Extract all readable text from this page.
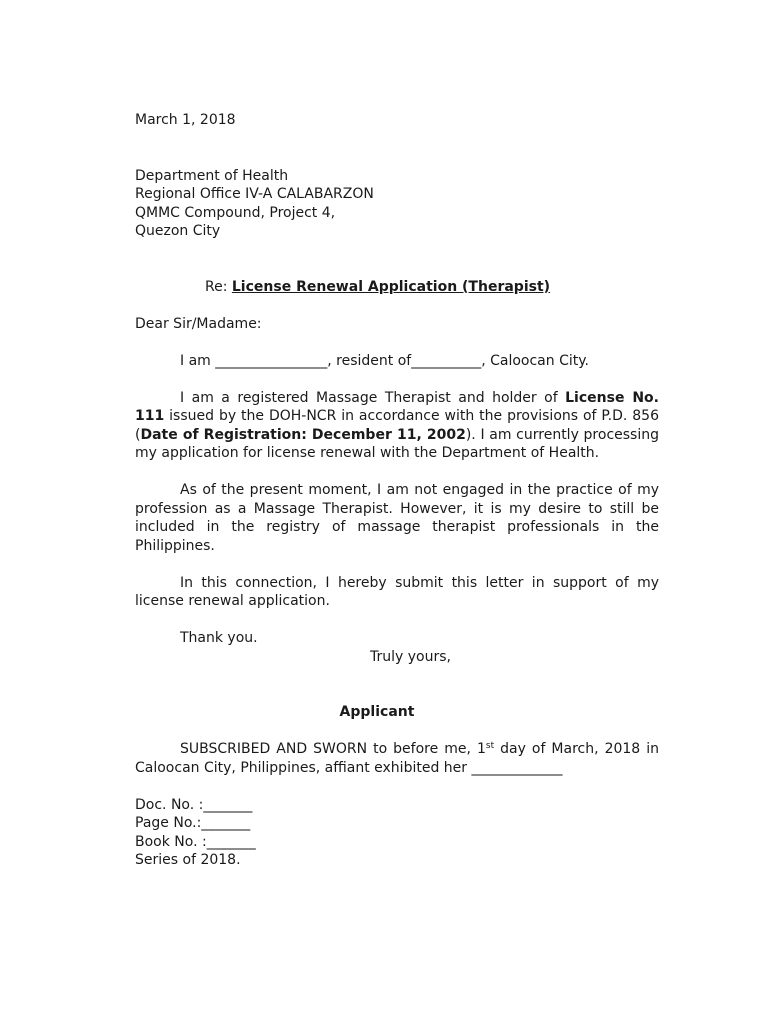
March 1, 2018

Department of Health

Regional Office IV-A CALABARZON

QMMC Compound, Project 4,

Quezon City

Re: License Renewal Application (Therapist)

Dear Sir/Madame:

I am ________________, resident of__________, Caloocan City.

I am a registered Massage Therapist and holder of License No. 111 issued by the DOH-NCR in accordance with the provisions of P.D. 856 (Date of Registration: December 11, 2002). I am currently processing my application for license renewal with the Department of Health.

As of the present moment, I am not engaged in the practice of my profession as a Massage Therapist. However, it is my desire to still be included in the registry of massage therapist professionals in the Philippines.

In this connection, I hereby submit this letter in support of my license renewal application.

Thank you.

Truly yours,

Applicant

SUBSCRIBED AND SWORN to before me, 1st day of March, 2018 in Caloocan City, Philippines, affiant exhibited her _____________

Doc. No. :_______

Page No.:_______

Book No. :_______

Series of 2018.
